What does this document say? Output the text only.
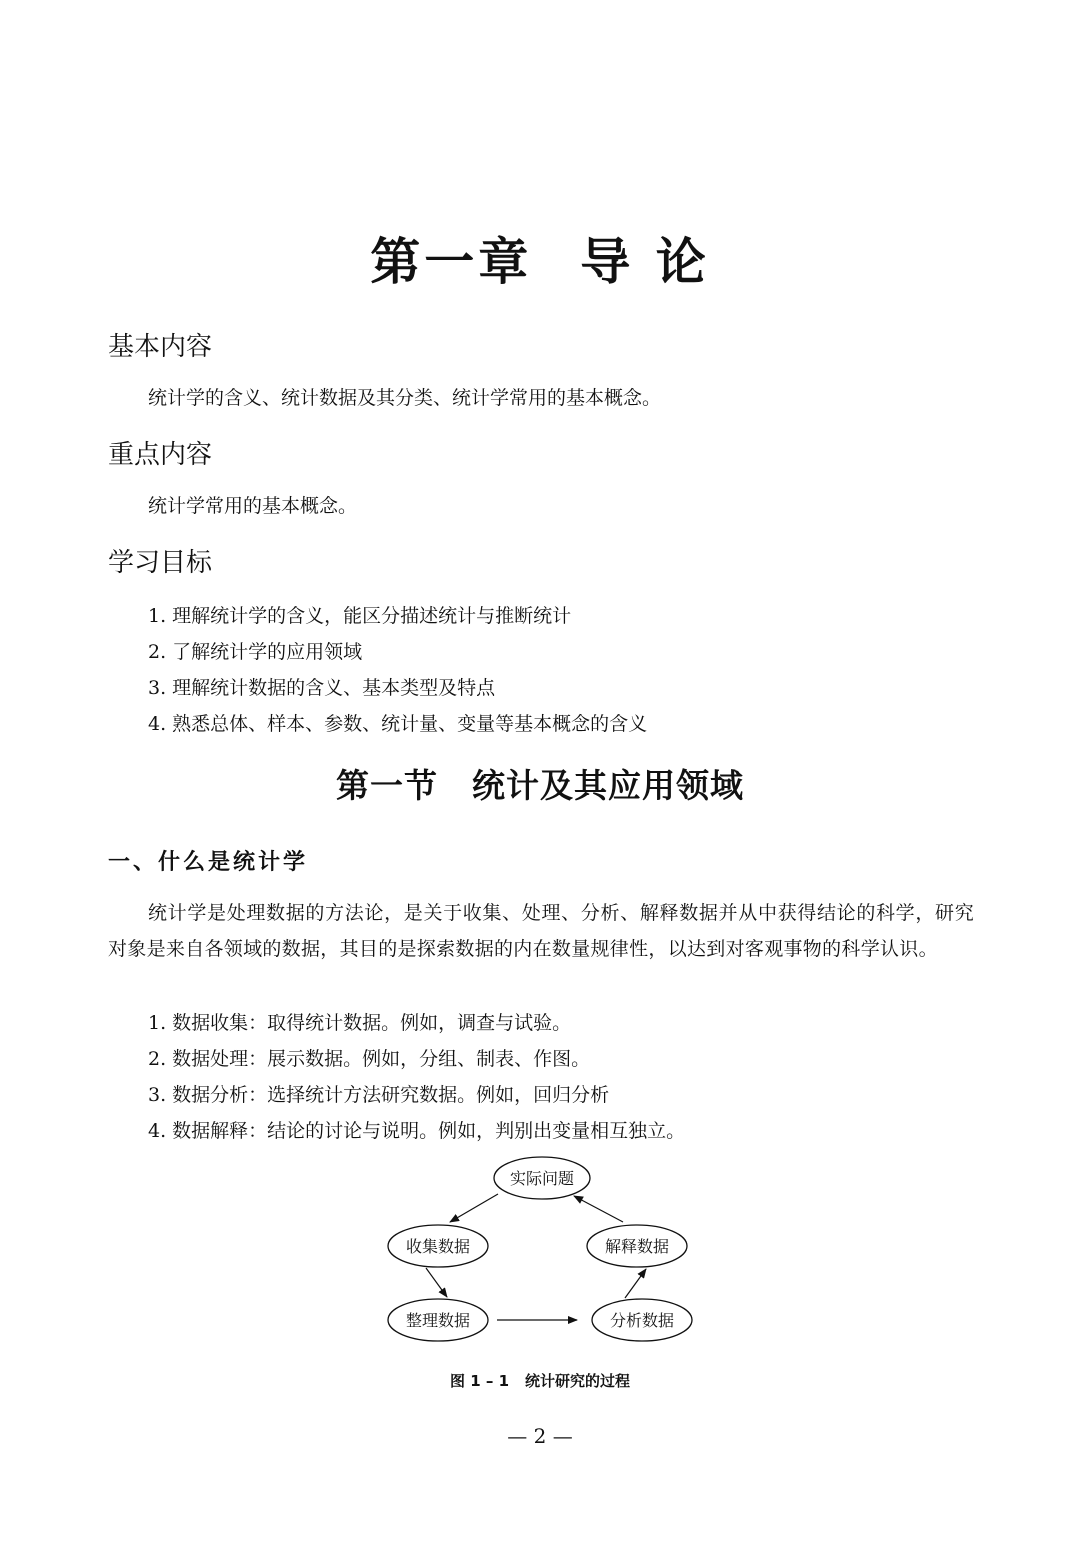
第一章 导 论
基本内容
统计学的含义、统计数据及其分类、统计学常用的基本概念。
重点内容
统计学常用的基本概念。
学习目标
1. 理解统计学的含义，能区分描述统计与推断统计
2. 了解统计学的应用领域
3. 理解统计数据的含义、基本类型及特点
4. 熟悉总体、样本、参数、统计量、变量等基本概念的含义
第一节 统计及其应用领域
一、什么是统计学
统计学是处理数据的方法论，是关于收集、处理、分析、解释数据并从中获得结论的科学，研究对象是来自各领域的数据，其目的是探索数据的内在数量规律性，以达到对客观事物的科学认识。
1. 数据收集：取得统计数据。例如，调查与试验。
2. 数据处理：展示数据。例如，分组、制表、作图。
3. 数据分析：选择统计方法研究数据。例如，回归分析
4. 数据解释：结论的讨论与说明。例如，判别出变量相互独立。
实际问题
收集数据	解释数据
整理数据	分析数据
图 1 – 1 统计研究的过程
— 2 —
